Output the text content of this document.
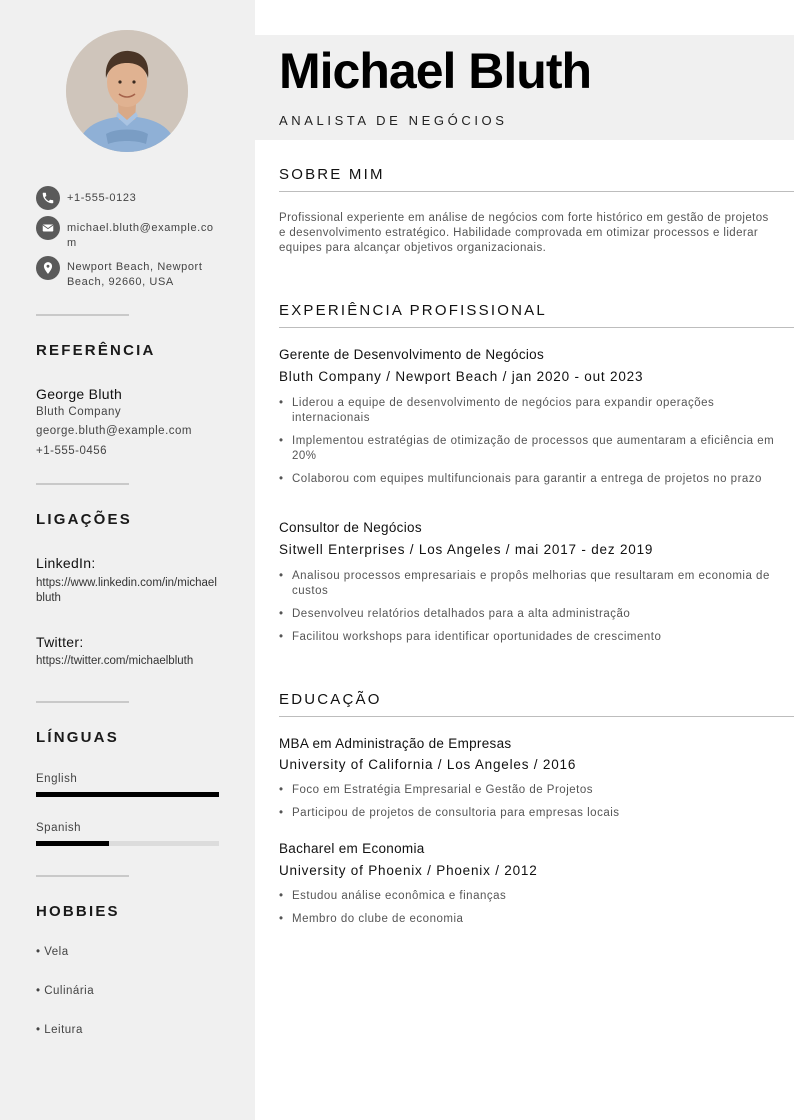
+1-555-0123
michael.bluth@example.com
Newport Beach, Newport Beach, 92660, USA
REFERÊNCIA
George Bluth
Bluth Company
george.bluth@example.com
+1-555-0456
LIGAÇÕES
LinkedIn:
https://www.linkedin.com/in/michaelbluth
Twitter:
https://twitter.com/michaelbluth
LÍNGUAS
English
Spanish
HOBBIES
• Vela
• Culinária
• Leitura
Michael Bluth
ANALISTA DE NEGÓCIOS
SOBRE MIM
Profissional experiente em análise de negócios com forte histórico em gestão de projetos e desenvolvimento estratégico. Habilidade comprovada em otimizar processos e liderar equipes para alcançar objetivos organizacionais.
EXPERIÊNCIA PROFISSIONAL
Gerente de Desenvolvimento de Negócios
Bluth Company / Newport Beach / jan 2020 - out 2023
• Liderou a equipe de desenvolvimento de negócios para expandir operações internacionais
• Implementou estratégias de otimização de processos que aumentaram a eficiência em 20%
• Colaborou com equipes multifuncionais para garantir a entrega de projetos no prazo
Consultor de Negócios
Sitwell Enterprises / Los Angeles / mai 2017 - dez 2019
• Analisou processos empresariais e propôs melhorias que resultaram em economia de custos
• Desenvolveu relatórios detalhados para a alta administração
• Facilitou workshops para identificar oportunidades de crescimento
EDUCAÇÃO
MBA em Administração de Empresas
University of California / Los Angeles / 2016
• Foco em Estratégia Empresarial e Gestão de Projetos
• Participou de projetos de consultoria para empresas locais
Bacharel em Economia
University of Phoenix / Phoenix / 2012
• Estudou análise econômica e finanças
• Membro do clube de economia
